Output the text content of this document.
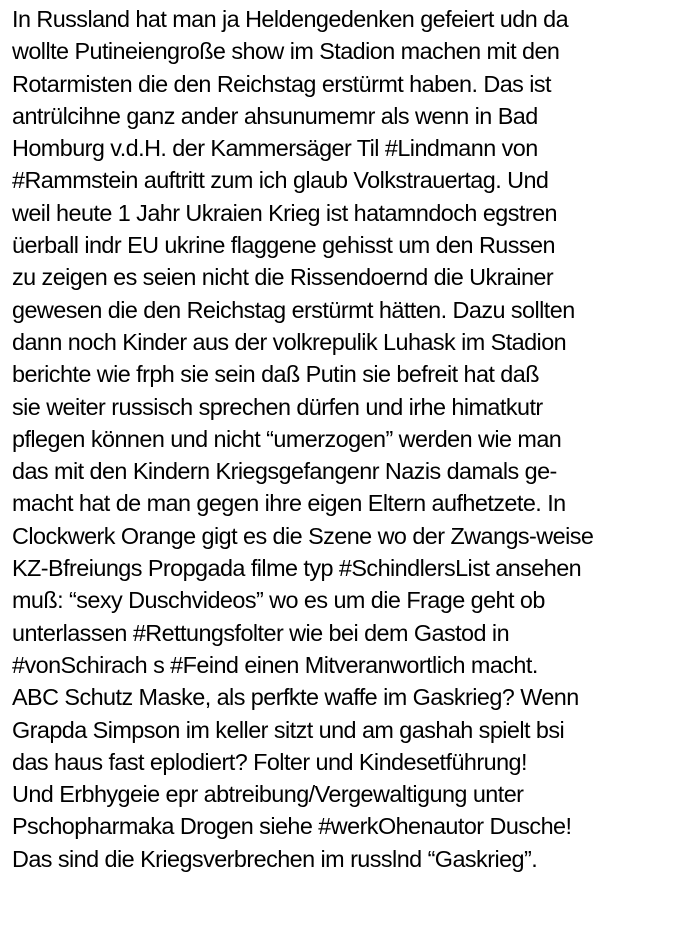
In Russland hat man ja Heldengedenken gefeiert udn da
wollte Putineiengroße show im Stadion machen mit den
Rotarmisten die den Reichstag erstürmt haben. Das ist
antrülcihne ganz ander ahsunumemr als wenn in Bad
Homburg v.d.H. der Kammersäger Til #Lindmann von
#Rammstein auftritt zum ich glaub Volkstrauertag. Und
weil heute 1 Jahr Ukraien Krieg ist hatamndoch egstren
üerball indr EU ukrine flaggene gehisst um den Russen
zu zeigen es seien nicht die Rissendoernd die Ukrainer
gewesen die den Reichstag erstürmt hätten. Dazu sollten
dann noch Kinder aus der volkrepulik Luhask im Stadion
berichte wie frph sie sein daß Putin sie befreit hat daß
sie weiter russisch sprechen dürfen und irhe himatkutr
pflegen können und nicht “umerzogen” werden wie man
das mit den Kindern Kriegsgefangenr Nazis damals ge-
macht hat de man gegen ihre eigen Eltern aufhetzete. In
Clockwerk Orange gigt es die Szene wo der Zwangs-weise
KZ-Bfreiungs Propgada filme typ #SchindlersList ansehen
muß: “sexy Duschvideos” wo es um die Frage geht ob
unterlassen #Rettungsfolter wie bei dem Gastod in
#vonSchirach s #Feind einen Mitveranwortlich macht.
ABC Schutz Maske, als perfkte waffe im Gaskrieg? Wenn
Grapda Simpson im keller sitzt und am gashah spielt bsi
das haus fast eplodiert? Folter und Kindesetführung!
Und Erbhygeie epr abtreibung/Vergewaltigung unter
Pschopharmaka Drogen siehe #werkOhenautor Dusche!
Das sind die Kriegsverbrechen im russlnd “Gaskrieg”.
